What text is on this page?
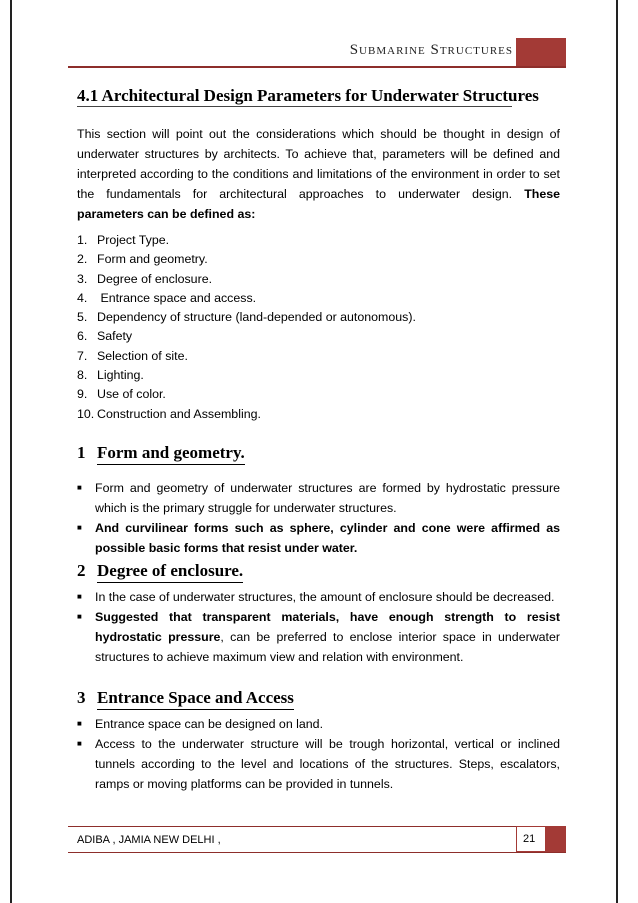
Submarine Structures
4.1 Architectural Design Parameters for Underwater Structures
This section will point out the considerations which should be thought in design of underwater structures by architects. To achieve that, parameters will be defined and interpreted according to the conditions and limitations of the environment in order to set the fundamentals for architectural approaches to underwater design. These parameters can be defined as:
1. Project Type.
2. Form and geometry.
3. Degree of enclosure.
4. Entrance space and access.
5. Dependency of structure (land-depended or autonomous).
6. Safety
7. Selection of site.
8. Lighting.
9. Use of color.
10. Construction and Assembling.
1 Form and geometry.
■	Form and geometry of underwater structures are formed by hydrostatic pressure which is the primary struggle for underwater structures.
■	And curvilinear forms such as sphere, cylinder and cone were affirmed as possible basic forms that resist under water.
2 Degree of enclosure.
■	In the case of underwater structures, the amount of enclosure should be decreased.
■	Suggested that transparent materials, have enough strength to resist hydrostatic pressure, can be preferred to enclose interior space in underwater structures to achieve maximum view and relation with environment.
3 Entrance Space and Access
■	Entrance space can be designed on land.
■	Access to the underwater structure will be trough horizontal, vertical or inclined tunnels according to the level and locations of the structures. Steps, escalators, ramps or moving platforms can be provided in tunnels.
ADIBA , JAMIA NEW DELHI ,	21
